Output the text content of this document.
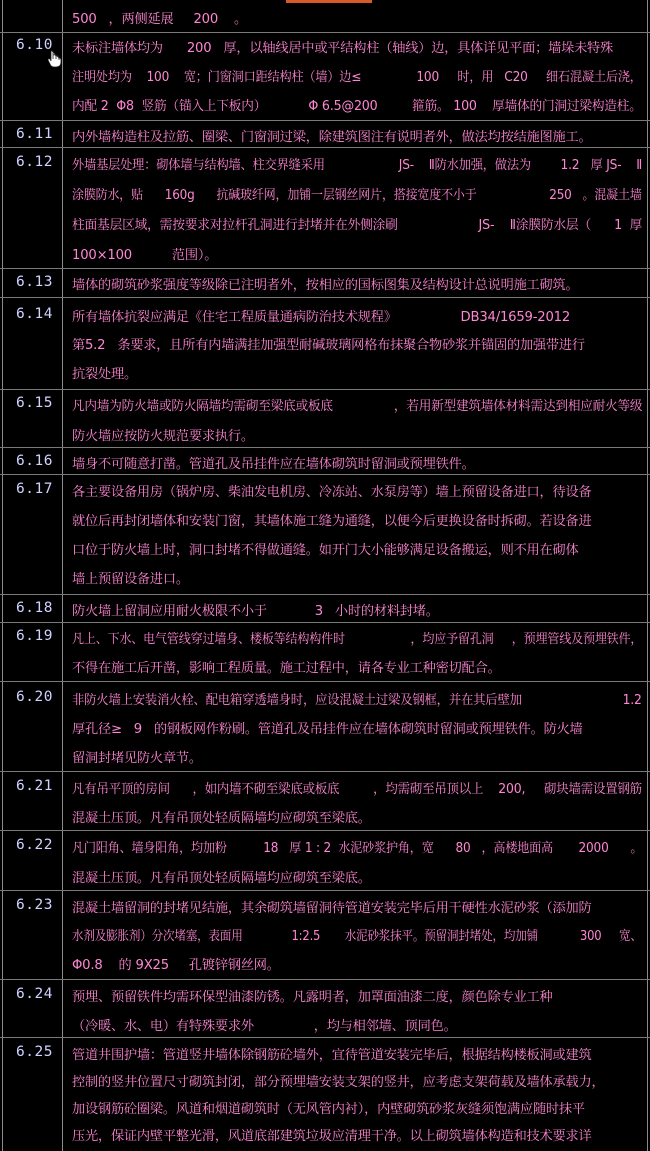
500   ，两侧延展     200    。
6.10 未标注墙体均为      200   厚，以轴线居中或平结构柱（轴线）边，具体详见平面；墙垛未特殊
注明处均为    100    宽；门窗洞口距结构柱（墙）边≤               100     时，用   C20     细石混凝土后浇，
内配 2  Φ8  竖筋（锚入上下板内）           Φ 6.5@200         箍筋。 100    厚墙体的门洞过梁构造柱。
6.11 内外墙构造柱及拉筋、圈梁、门窗洞过梁，除建筑图注有说明者外，做法均按结施图施工。
6.12 外墙基层处理：砌体墙与结构墙、柱交界缝采用                    JS-    Ⅱ防水加强，做法为        1.2   厚 JS-    Ⅱ
涂膜防水，贴      160g      抗碱玻纤网，加铺一层钢丝网片，搭接宽度不小于                    250   。混凝土墙
柱面基层区域，需按要求对拉杆孔洞进行封堵并在外侧涂刷                     JS-    Ⅱ涂膜防水层（      1  厚
100×100          范围）。
6.13 墙体的砌筑砂浆强度等级除已注明者外，按相应的国标图集及结构设计总说明施工砌筑。
6.14 所有墙体抗裂应满足《住宅工程质量通病防治技术规程》                DB34/1659-2012
第5.2   条要求，且所有内墙满挂加强型耐碱玻璃网格布抹聚合物砂浆并锚固的加强带进行
抗裂处理。
6.15 凡内墙为防火墙或防火隔墙均需砌至梁底或板底                ，若用新型建筑墙体材料需达到相应耐火等级
防火墙应按防火规范要求执行。
6.16 墙身不可随意打凿。管道孔及吊挂件应在墙体砌筑时留洞或预埋铁件。
6.17 各主要设备用房（锅炉房、柴油发电机房、冷冻站、水泵房等）墙上预留设备进口，待设备
就位后再封闭墙体和安装门窗，其墙体施工缝为通缝，以便今后更换设备时拆砌。若设备进
口位于防火墙上时，洞口封堵不得做通缝。如开门大小能够满足设备搬运，则不用在砌体
墙上预留设备进口。
6.18 防火墙上留洞应用耐火极限不小于            3   小时的材料封堵。
6.19 凡上、下水、电气管线穿过墙身、楼板等结构构件时                  ，均应予留孔洞     ，预埋管线及预埋铁件，
不得在施工后开凿，影响工程质量。施工过程中，请各专业工种密切配合。
6.20 非防火墙上安装消火栓、配电箱穿透墙身时，应设混凝土过梁及钢框，并在其后壁加                           1.2
厚孔径≥   9   的钢板网作粉刷。管道孔及吊挂件应在墙体砌筑时留洞或预埋铁件。防火墙
留洞封堵见防火章节。
6.21 凡有吊平顶的房间      ，如内墙不砌至梁底或板底         ，均需砌至吊顶以上    200,     砌块墙需设置钢筋
混凝土压顶。凡有吊顶处轻质隔墙均应砌筑至梁底。
6.22 凡门阳角、墙身阳角，均加粉          18   厚 1 : 2  水泥砂浆护角，宽      80   ，高楼地面高       2000      。
混凝土压顶。凡有吊顶处轻质隔墙均应砌筑至梁底。
6.23 混凝土墙留洞的封堵见结施，其余砌筑墙留洞待管道安装完毕后用干硬性水泥砂浆（添加防
水剂及膨胀剂）分次堵塞，表面用              1:2.5       水泥砂浆抹平。预留洞封堵处，均加铺            300     宽、
Φ0.8    的 9X25     孔镀锌钢丝网。
6.24 预埋、预留铁件均需环保型油漆防锈。凡露明者，加罩面油漆二度，颜色除专业工种
（冷暖、水、电）有特殊要求外               ，均与相邻墙、顶同色。
6.25 管道井围护墙：管道竖井墙体除钢筋砼墙外，宜待管道安装完毕后，根据结构楼板洞或建筑
控制的竖井位置尺寸砌筑封闭，部分预埋墙安装支架的竖井，应考虑支架荷载及墙体承载力，
加设钢筋砼圈梁。风道和烟道砌筑时（无风管内衬），内壁砌筑砂浆灰缝须饱满应随时抹平
压光，保证内壁平整光滑，风道底部建筑垃圾应清理干净。以上砌筑墙体构造和技术要求详
